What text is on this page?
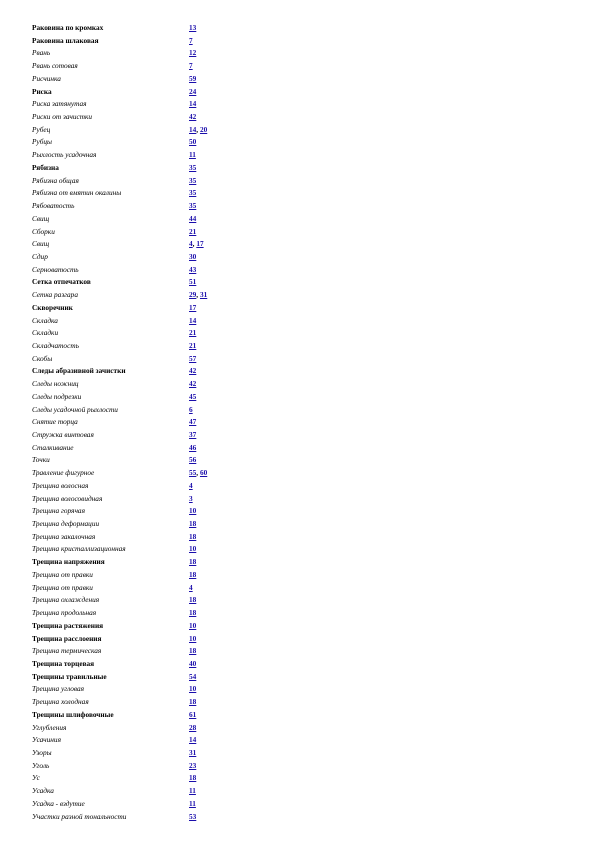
Раковина по кромках	13
Раковина шлаковая	7
Рвань	12
Рвань сотовая	7
Рисчинка	59
Риска	24
Риска затянутая	14
Риски от зачистки	42
Рубец	14, 20
Рубцы	50
Рыхлость усадочная	11
Рябизна	35
Рябизна общая	35
Рябизна от вмятин окалины	35
Рябоватость	35
Свищ	44
Сборки	21
Свищ	4, 17
Сдир	30
Серноватость	43
Сетка отпечатков	51
Сетка разгара	29, 31
Скворечник	17
Складка	14
Складки	21
Складчатость	21
Скобы	57
Следы абразивной зачистки	42
Следы ножниц	42
Следы подрезки	45
Следы усадочной рыхлости	6
Снятие торца	47
Стружка винтовая	37
Сталкивание	46
Точки	56
Травление фигурное	55, 60
Трещина волосная	4
Трещина волосовидная	3
Трещина горячая	10
Трещина деформации	18
Трещина закалочная	18
Трещина кристаллизационная	10
Трещина напряжения	18
Трещина от правки	18
Трещина от правки	4
Трещина охлаждения	18
Трещина продольная	18
Трещина растяжения	10
Трещина расслоения	10
Трещина термическая	18
Трещина торцевая	40
Трещины травильные	54
Трещина угловая	10
Трещина холодная	18
Трещины шлифовочные	61
Углубления	28
Усачиния	14
Узоры	31
Уголь	23
Ус	18
Усадка	11
Усадка - вздутие	11
Участки разной тональности	53
